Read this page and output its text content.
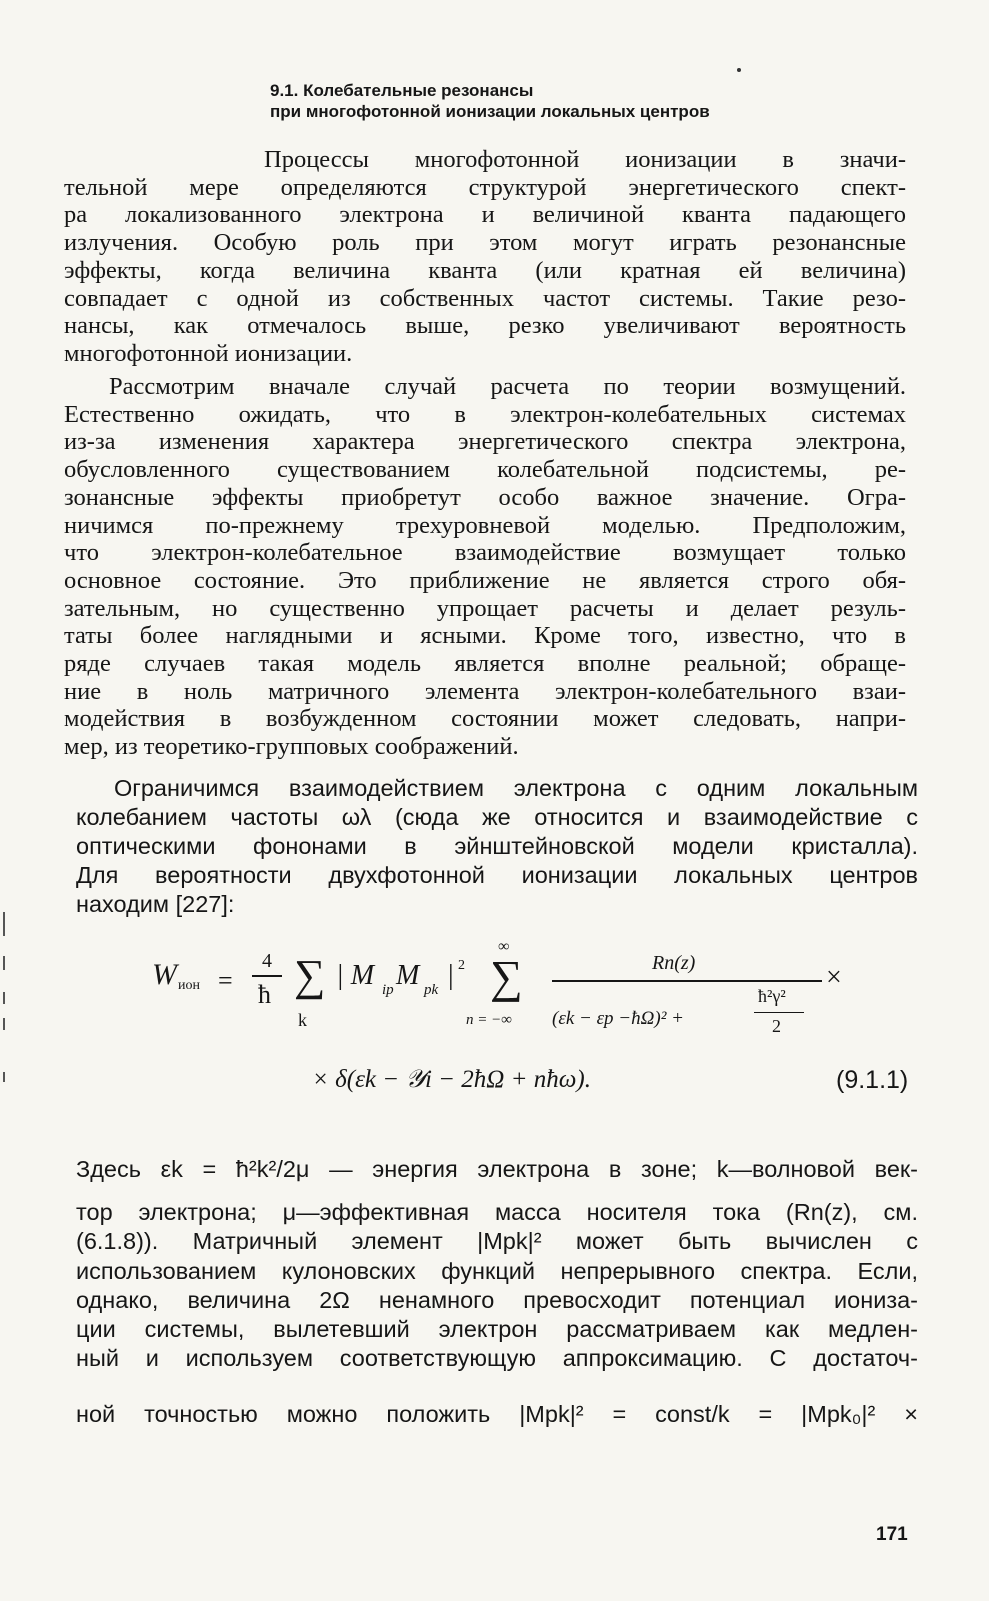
9.1. Колебательные резонансы
при многофотонной ионизации локальных центров
Процессы многофотонной ионизации в значи-
тельной мере определяются структурой энергетического спект-
ра локализованного электрона и величиной кванта падающего
излучения. Особую роль при этом могут играть резонансные
эффекты, когда величина кванта (или кратная ей величина)
совпадает с одной из собственных частот системы. Такие резо-
нансы, как отмечалось выше, резко увеличивают вероятность
многофотонной ионизации.
Рассмотрим вначале случай расчета по теории возмущений.
Естественно ожидать, что в электрон-колебательных системах
из-за изменения характера энергетического спектра электрона,
обусловленного существованием колебательной подсистемы, ре-
зонансные эффекты приобретут особо важное значение. Огра-
ничимся по-прежнему трехуровневой моделью. Предположим,
что электрон-колебательное взаимодействие возмущает только
основное состояние. Это приближение не является строго обя-
зательным, но существенно упрощает расчеты и делает резуль-
таты более наглядными и ясными. Кроме того, известно, что в
ряде случаев такая модель является вполне реальной; обраще-
ние в ноль матричного элемента электрон-колебательного взаи-
модействия в возбужденном состоянии может следовать, напри-
мер, из теоретико-групповых соображений.
Ограничимся взаимодействием электрона с одним локальным
колебанием частоты ωλ (сюда же относится и взаимодействие с
оптическими фононами в эйнштейновской модели кристалла).
Для вероятности двухфотонной ионизации локальных центров
находим [227]:
W ион =
4
ħ ∑
k
| M ip M pk | 2
∞
∑
n = −∞
Rn(z)
(εk − εp −ħΩ)² +
ħ²γ²
2
×
× δ(εk − 𝒴i − 2ħΩ + nħω).	(9.1.1)
Здесь εk = ħ²k²/2μ — энергия электрона в зоне; k—волновой век-
тор электрона; μ—эффективная масса носителя тока (Rn(z), см.
(6.1.8)). Матричный элемент |Mpk|² может быть вычислен с
использованием кулоновских функций непрерывного спектра. Если,
однако, величина 2Ω ненамного превосходит потенциал иониза-
ции системы, вылетевший электрон рассматриваем как медлен-
ный и используем соответствующую аппроксимацию. С достаточ-
ной точностью можно положить |Mpk|² = const/k = |Mpk₀|² ×
171
